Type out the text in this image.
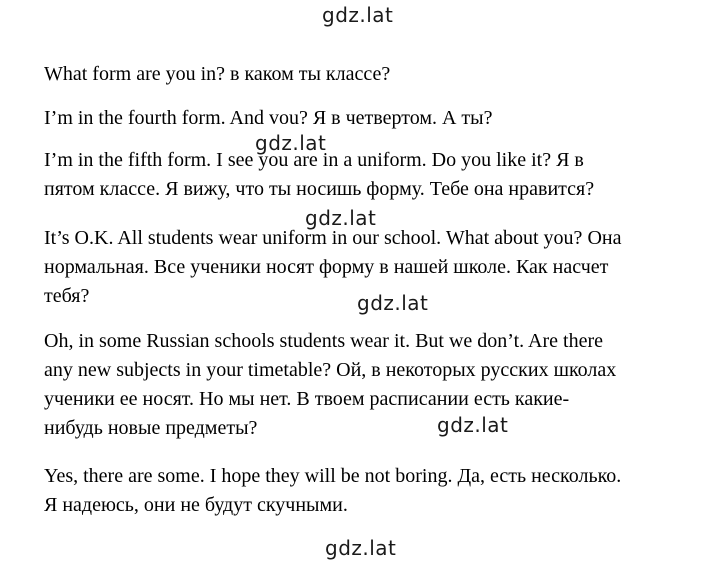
gdz.lat

What form are you in? в каком ты классе?

I’m in the fourth form. And vou? Я в четвертом. А ты?

gdz.lat

I’m in the fifth form. I see you are in a uniform. Do you like it? Я в
пятом классе. Я вижу, что ты носишь форму. Тебе она нравится?

gdz.lat

It’s O.K. All students wear uniform in our school. What about you? Она
нормальная. Все ученики носят форму в нашей школе. Как насчет
тебя?	gdz.lat

Oh, in some Russian schools students wear it. But we don’t. Are there
any new subjects in your timetable? Ой, в некоторых русских школах
ученики ее носят. Но мы нет. В твоем расписании есть какие-
нибудь новые предметы?	gdz.lat

Yes, there are some. I hope they will be not boring. Да, есть несколько.
Я надеюсь, они не будут скучными.

gdz.lat
